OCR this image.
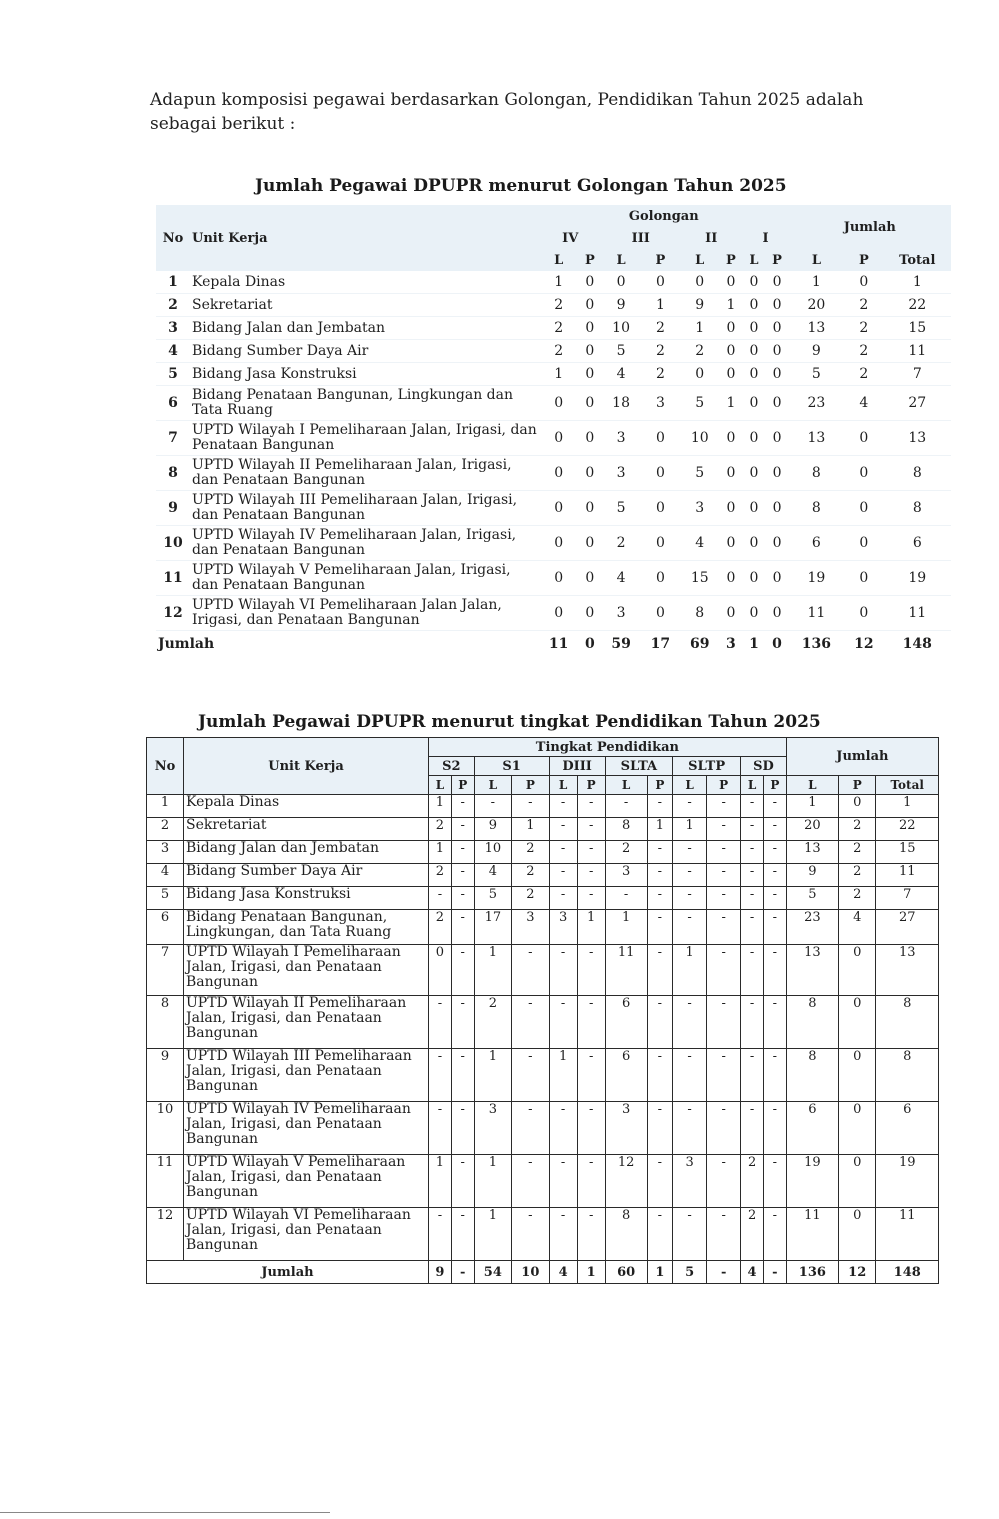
Adapun komposisi pegawai berdasarkan Golongan, Pendidikan Tahun 2025 adalah sebagai berikut :
Jumlah Pegawai DPUPR menurut Golongan Tahun 2025
No	Unit Kerja	Golongan								Jumlah		
		IV		III		II		I				
		L	P	L	P	L	P	L	P	L	P	Total
1	Kepala Dinas	1	0	0	0	0	0	0	0	1	0	1
2	Sekretariat	2	0	9	1	9	1	0	0	20	2	22
3	Bidang Jalan dan Jembatan	2	0	10	2	1	0	0	0	13	2	15
4	Bidang Sumber Daya Air	2	0	5	2	2	0	0	0	9	2	11
5	Bidang Jasa Konstruksi	1	0	4	2	0	0	0	0	5	2	7
6	Bidang Penataan Bangunan, Lingkungan dan Tata Ruang	0	0	18	3	5	1	0	0	23	4	27
7	UPTD Wilayah I Pemeliharaan Jalan, Irigasi, dan Penataan Bangunan	0	0	3	0	10	0	0	0	13	0	13
8	UPTD Wilayah II Pemeliharaan Jalan, Irigasi, dan Penataan Bangunan	0	0	3	0	5	0	0	0	8	0	8
9	UPTD Wilayah III Pemeliharaan Jalan, Irigasi, dan Penataan Bangunan	0	0	5	0	3	0	0	0	8	0	8
10	UPTD Wilayah IV Pemeliharaan Jalan, Irigasi, dan Penataan Bangunan	0	0	2	0	4	0	0	0	6	0	6
11	UPTD Wilayah V Pemeliharaan Jalan, Irigasi, dan Penataan Bangunan	0	0	4	0	15	0	0	0	19	0	19
12	UPTD Wilayah VI Pemeliharaan Jalan Jalan, Irigasi, dan Penataan Bangunan	0	0	3	0	8	0	0	0	11	0	11
Jumlah		11	0	59	17	69	3	1	0	136	12	148
Jumlah Pegawai DPUPR menurut tingkat Pendidikan Tahun 2025
No	Unit Kerja	Tingkat Pendidikan												Jumlah		
		S2		S1		DIII		SLTA		SLTP		SD				
		L	P	L	P	L	P	L	P	L	P	L	P	L	P	Total
1	Kepala Dinas	1	-	-	-	-	-	-	-	-	-	-	-	1	0	1
2	Sekretariat	2	-	9	1	-	-	8	1	1	-	-	-	20	2	22
3	Bidang Jalan dan Jembatan	1	-	10	2	-	-	2	-	-	-	-	-	13	2	15
4	Bidang Sumber Daya Air	2	-	4	2	-	-	3	-	-	-	-	-	9	2	11
5	Bidang Jasa Konstruksi	-	-	5	2	-	-	-	-	-	-	-	-	5	2	7
6	Bidang Penataan Bangunan, Lingkungan, dan Tata Ruang	2	-	17	3	3	1	1	-	-	-	-	-	23	4	27
7	UPTD Wilayah I Pemeliharaan Jalan, Irigasi, dan Penataan Bangunan	0	-	1	-	-	-	11	-	1	-	-	-	13	0	13
8	UPTD Wilayah II Pemeliharaan Jalan, Irigasi, dan Penataan Bangunan	-	-	2	-	-	-	6	-	-	-	-	-	8	0	8
9	UPTD Wilayah III Pemeliharaan Jalan, Irigasi, dan Penataan Bangunan	-	-	1	-	1	-	6	-	-	-	-	-	8	0	8
10	UPTD Wilayah IV Pemeliharaan Jalan, Irigasi, dan Penataan Bangunan	-	-	3	-	-	-	3	-	-	-	-	-	6	0	6
11	UPTD Wilayah V Pemeliharaan Jalan, Irigasi, dan Penataan Bangunan	1	-	1	-	-	-	12	-	3	-	2	-	19	0	19
12	UPTD Wilayah VI Pemeliharaan Jalan, Irigasi, dan Penataan Bangunan	-	-	1	-	-	-	8	-	-	-	2	-	11	0	11
Jumlah		9	-	54	10	4	1	60	1	5	-	4	-	136	12	148
